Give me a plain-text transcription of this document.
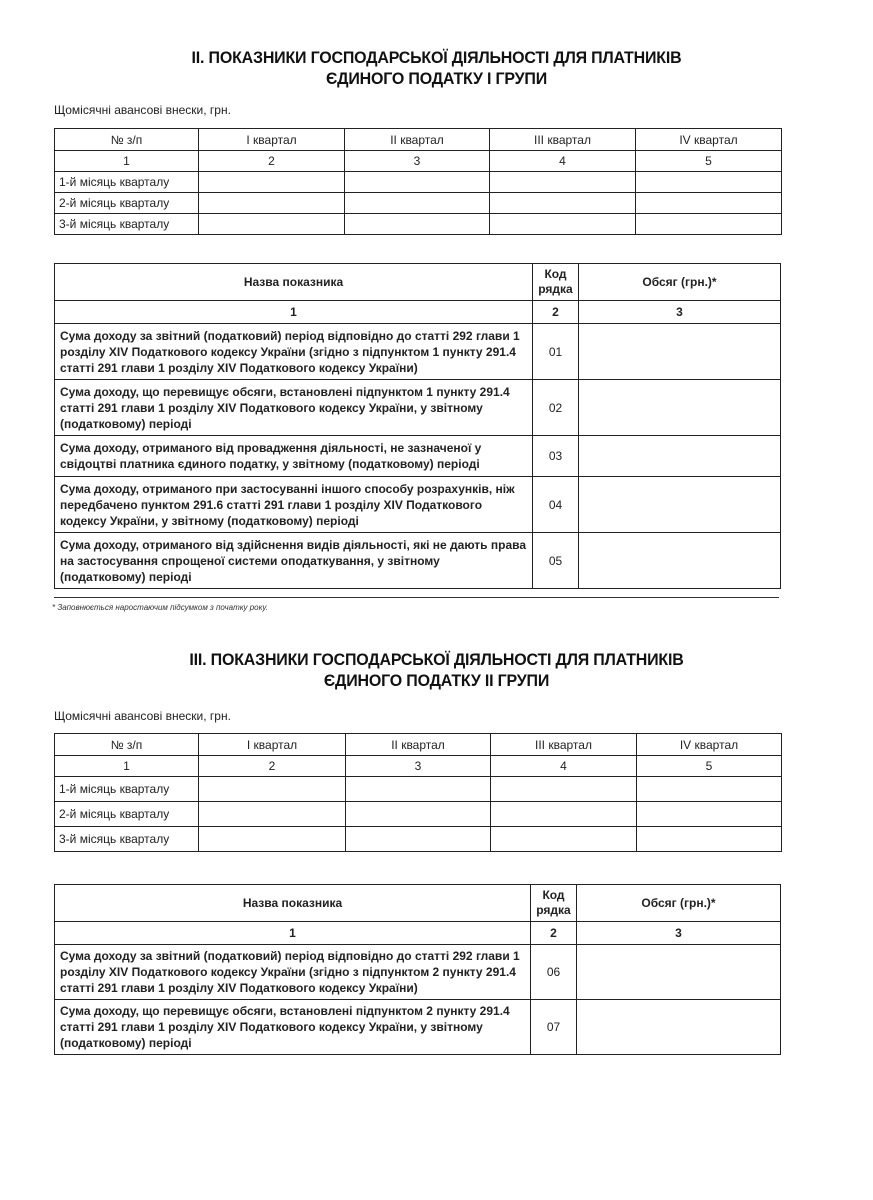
ІІ. ПОКАЗНИКИ ГОСПОДАРСЬКОЇ ДІЯЛЬНОСТІ ДЛЯ ПЛАТНИКІВ
ЄДИНОГО ПОДАТКУ І ГРУПИ
Щомісячні авансові внески, грн.
№ з/п	І квартал	ІІ квартал	ІІІ квартал	IV квартал
1	2	3	4	5
1-й місяць кварталу				
2-й місяць кварталу				
3-й місяць кварталу				
Назва показника	Код рядка	Обсяг (грн.)*
1	2	3
Сума доходу за звітний (податковий) період відповідно до статті 292 глави 1 розділу XIV Податкового кодексу України (згідно з підпунктом 1 пункту 291.4 статті 291 глави 1 розділу XIV Податкового кодексу України)	01	
Сума доходу, що перевищує обсяги, встановлені підпунктом 1 пункту 291.4 статті 291 глави 1 розділу XIV Податкового кодексу України, у звітному (податковому) періоді	02	
Сума доходу, отриманого від провадження діяльності, не зазначеної у свідоцтві платника єдиного податку, у звітному (податковому) періоді	03	
Сума доходу, отриманого при застосуванні іншого способу розрахунків, ніж передбачено пунктом 291.6 статті 291 глави 1 розділу XIV Податкового кодексу України, у звітному (податковому) періоді	04	
Сума доходу, отриманого від здійснення видів діяльності, які не дають права на застосування спрощеної системи оподаткування, у звітному (податковому) періоді	05	
* Заповнюється наростаючим підсумком з початку року.
ІІІ. ПОКАЗНИКИ ГОСПОДАРСЬКОЇ ДІЯЛЬНОСТІ ДЛЯ ПЛАТНИКІВ
ЄДИНОГО ПОДАТКУ ІІ ГРУПИ
Щомісячні авансові внески, грн.
№ з/п	І квартал	ІІ квартал	ІІІ квартал	IV квартал
1	2	3	4	5
1-й місяць кварталу				
2-й місяць кварталу				
3-й місяць кварталу				
Назва показника	Код рядка	Обсяг (грн.)*
1	2	3
Сума доходу за звітний (податковий) період відповідно до статті 292 глави 1 розділу XIV Податкового кодексу України (згідно з підпунктом 2 пункту 291.4 статті 291 глави 1 розділу XIV Податкового кодексу України)	06	
Сума доходу, що перевищує обсяги, встановлені підпунктом 2 пункту 291.4 статті 291 глави 1 розділу XIV Податкового кодексу України, у звітному (податковому) періоді	07	
